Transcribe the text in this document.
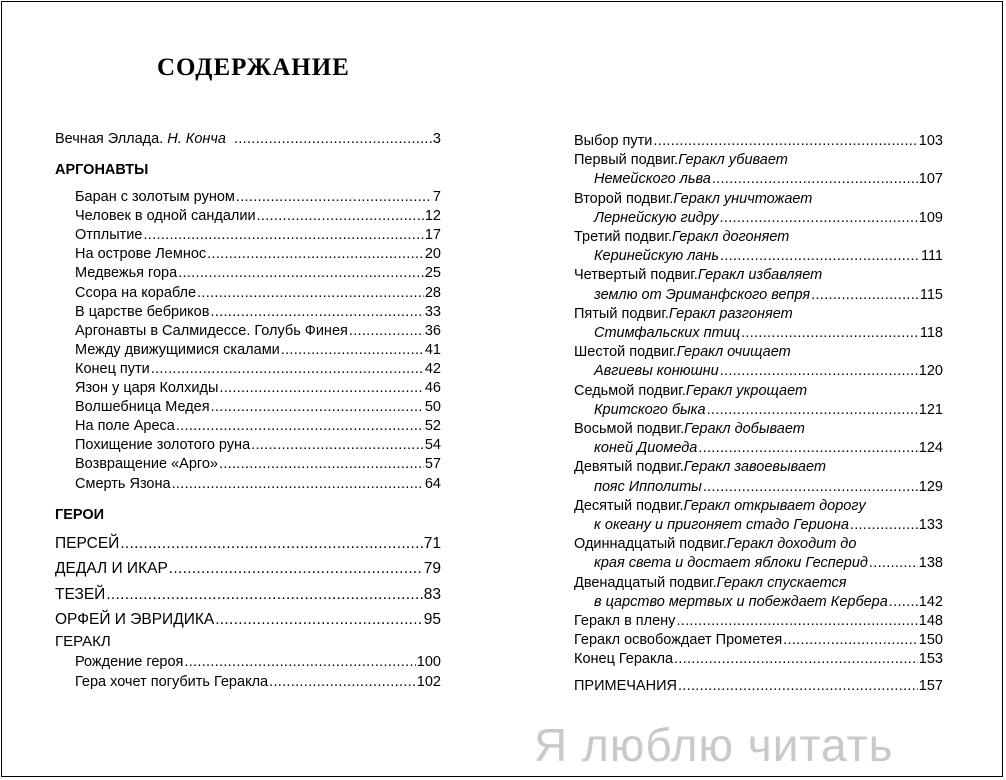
СОДЕРЖАНИЕ
Вечная Эллада. Н. Конча .....	3
АРГОНАВТЫ
Баран с золотым руном .....	7
Человек в одной сандалии .....	12
Отплытие .....	17
На острове Лемнос .....	20
Медвежья гора .....	25
Ссора на корабле .....	28
В царстве бебриков .....	33
Аргонавты в Салмидессе. Голубь Финея .....	36
Между движущимися скалами .....	41
Конец пути .....	42
Язон у царя Колхиды .....	46
Волшебница Медея .....	50
На поле Ареса .....	52
Похищение золотого руна .....	54
Возвращение «Арго» .....	57
Смерть Язона .....	64
ГЕРОИ
ПЕРСЕЙ .....	71
ДЕДАЛ И ИКАР .....	79
ТЕЗЕЙ .....	83
ОРФЕЙ И ЭВРИДИКА .....	95
ГЕРАКЛ
Рождение героя .....	100
Гера хочет погубить Геракла .....	102
Выбор пути .....	103
Первый подвиг. Геракл убивает
Немейского льва .....	107
Второй подвиг. Геракл уничтожает
Лернейскую гидру .....	109
Третий подвиг. Геракл догоняет
Керинейскую лань .....	111
Четвертый подвиг. Геракл избавляет
землю от Эриманфского вепря .....	115
Пятый подвиг. Геракл разгоняет
Стимфальских птиц .....	118
Шестой подвиг. Геракл очищает
Авгиевы конюшни .....	120
Седьмой подвиг. Геракл укрощает
Критского быка .....	121
Восьмой подвиг. Геракл добывает
коней Диомеда .....	124
Девятый подвиг. Геракл завоевывает
пояс Ипполиты .....	129
Десятый подвиг. Геракл открывает дорогу
к океану и пригоняет стадо Гериона .....	133
Одиннадцатый подвиг. Геракл доходит до
края света и достает яблоки Гесперид .....	138
Двенадцатый подвиг. Геракл спускается
в царство мертвых и побеждает Кербера ..... 142
Геракл в плену .....	148
Геракл освобождает Прометея .....	150
Конец Геракла .....	153
ПРИМЕЧАНИЯ .....	157
Я люблю читать
